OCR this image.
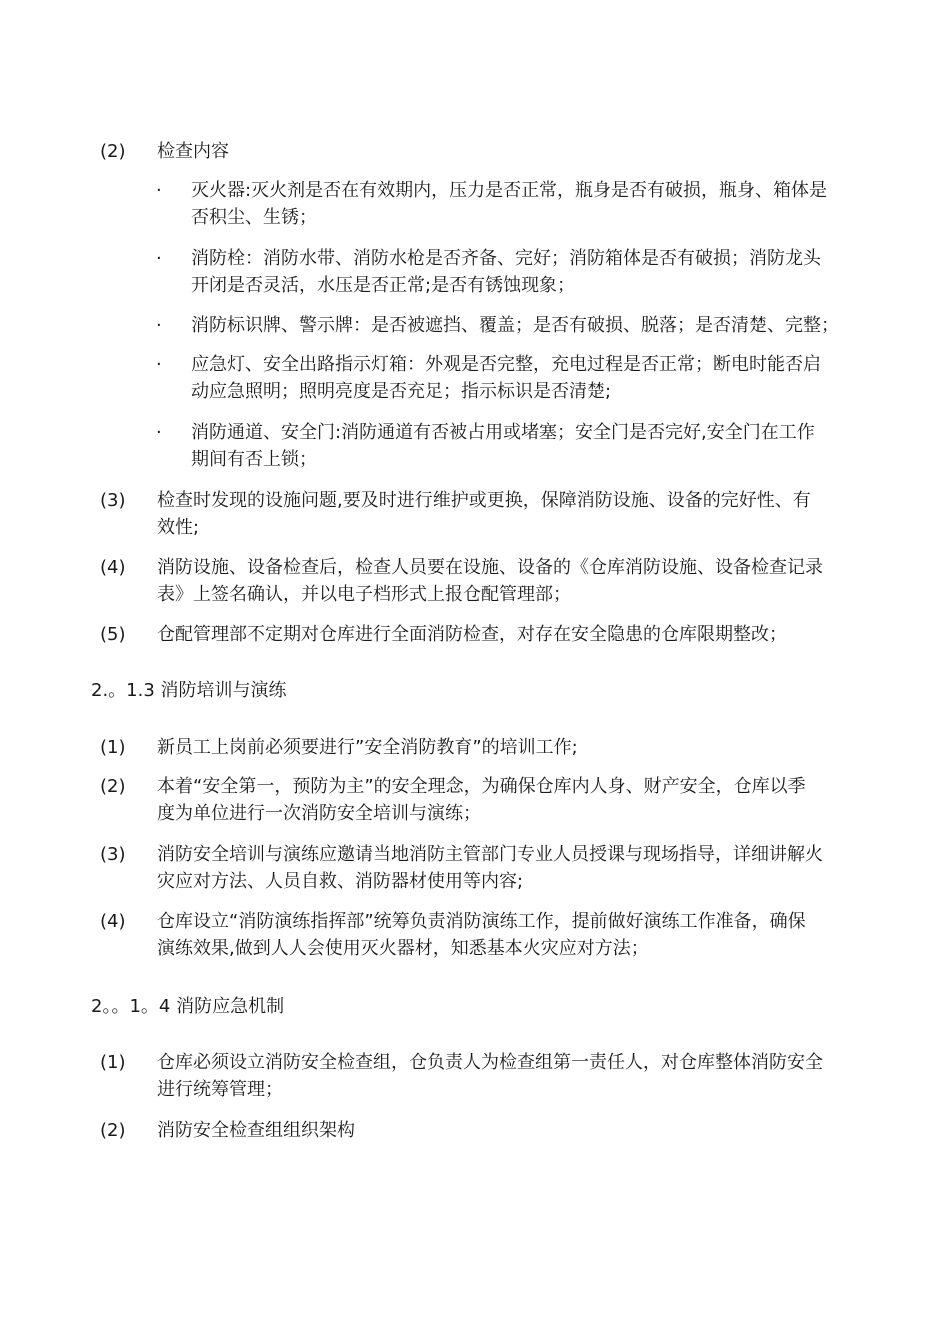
(2) 检查内容
· 灭火器:灭火剂是否在有效期内，压力是否正常，瓶身是否有破损，瓶身、箱体是
否积尘、生锈；
· 消防栓：消防水带、消防水枪是否齐备、完好；消防箱体是否有破损；消防龙头
开闭是否灵活，水压是否正常;是否有锈蚀现象；
· 消防标识牌、警示牌：是否被遮挡、覆盖；是否有破损、脱落；是否清楚、完整；
· 应急灯、安全出路指示灯箱：外观是否完整，充电过程是否正常；断电时能否启
动应急照明；照明亮度是否充足；指示标识是否清楚;
· 消防通道、安全门:消防通道有否被占用或堵塞；安全门是否完好,安全门在工作
期间有否上锁；
(3) 检查时发现的设施问题,要及时进行维护或更换，保障消防设施、设备的完好性、有
效性;
(4) 消防设施、设备检查后，检查人员要在设施、设备的《仓库消防设施、设备检查记录
表》上签名确认，并以电子档形式上报仓配管理部；
(5) 仓配管理部不定期对仓库进行全面消防检查，对存在安全隐患的仓库限期整改；
2.。1.3 消防培训与演练
(1) 新员工上岗前必须要进行”安全消防教育”的培训工作;
(2) 本着“安全第一，预防为主”的安全理念，为确保仓库内人身、财产安全，仓库以季
度为单位进行一次消防安全培训与演练；
(3) 消防安全培训与演练应邀请当地消防主管部门专业人员授课与现场指导，详细讲解火
灾应对方法、人员自救、消防器材使用等内容;
(4) 仓库设立“消防演练指挥部”统筹负责消防演练工作，提前做好演练工作准备，确保
演练效果,做到人人会使用灭火器材，知悉基本火灾应对方法；
2。。1。4 消防应急机制
(1) 仓库必须设立消防安全检查组，仓负责人为检查组第一责任人，对仓库整体消防安全
进行统筹管理；
(2) 消防安全检查组组织架构
